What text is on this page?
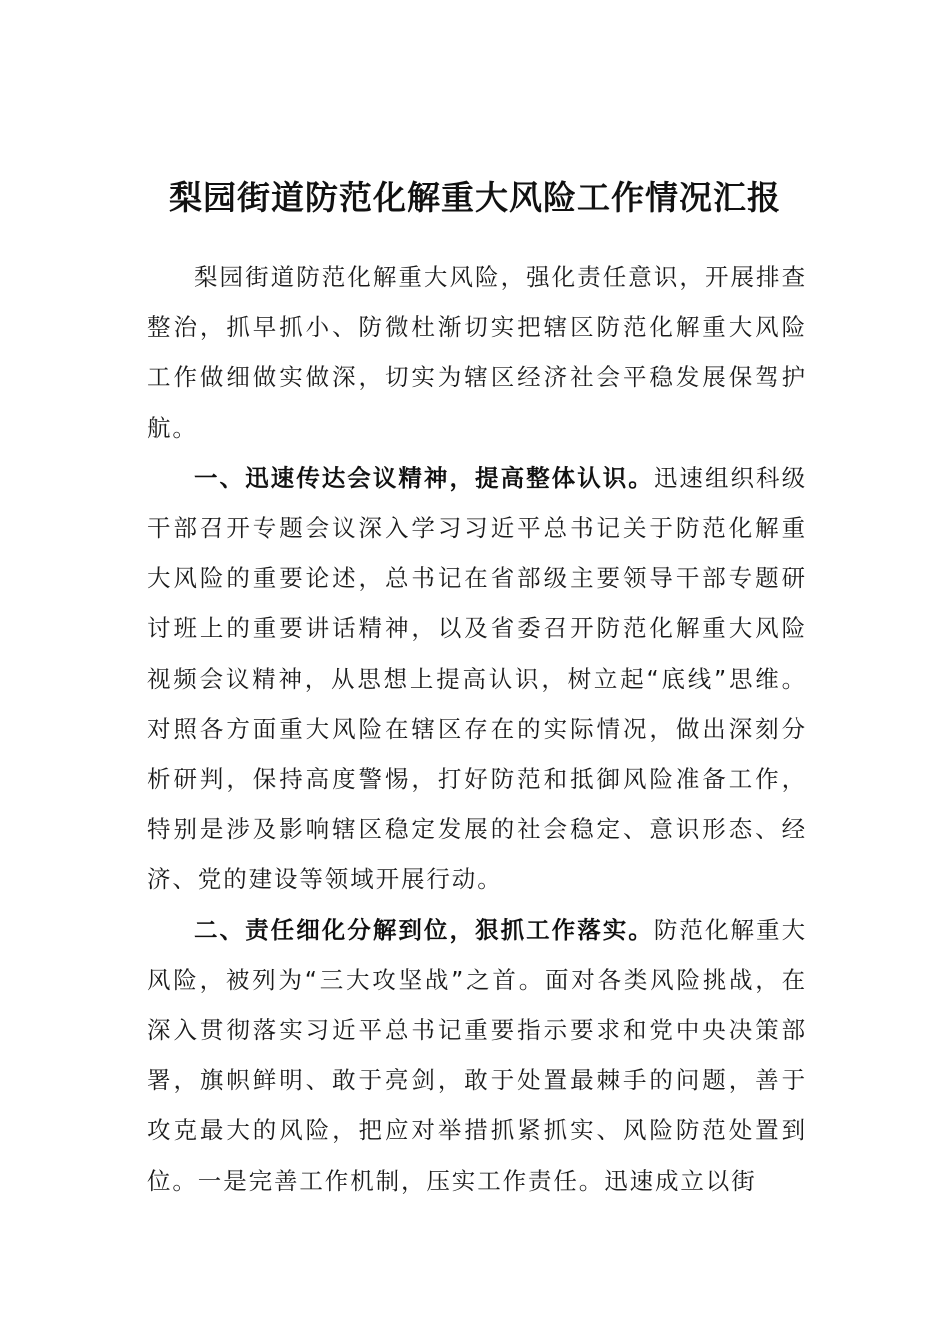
梨园街道防范化解重大风险工作情况汇报

梨园街道防范化解重大风险，强化责任意识，开展排查整治，抓早抓小、防微杜渐切实把辖区防范化解重大风险工作做细做实做深，切实为辖区经济社会平稳发展保驾护航。

一、迅速传达会议精神，提高整体认识。迅速组织科级干部召开专题会议深入学习习近平总书记关于防范化解重大风险的重要论述，总书记在省部级主要领导干部专题研讨班上的重要讲话精神，以及省委召开防范化解重大风险视频会议精神，从思想上提高认识，树立起“底线”思维。对照各方面重大风险在辖区存在的实际情况，做出深刻分析研判，保持高度警惕，打好防范和抵御风险准备工作，特别是涉及影响辖区稳定发展的社会稳定、意识形态、经济、党的建设等领域开展行动。

二、责任细化分解到位，狠抓工作落实。防范化解重大风险，被列为“三大攻坚战”之首。面对各类风险挑战，在深入贯彻落实习近平总书记重要指示要求和党中央决策部署，旗帜鲜明、敢于亮剑，敢于处置最棘手的问题，善于攻克最大的风险，把应对举措抓紧抓实、风险防范处置到位。一是完善工作机制，压实工作责任。迅速成立以街
